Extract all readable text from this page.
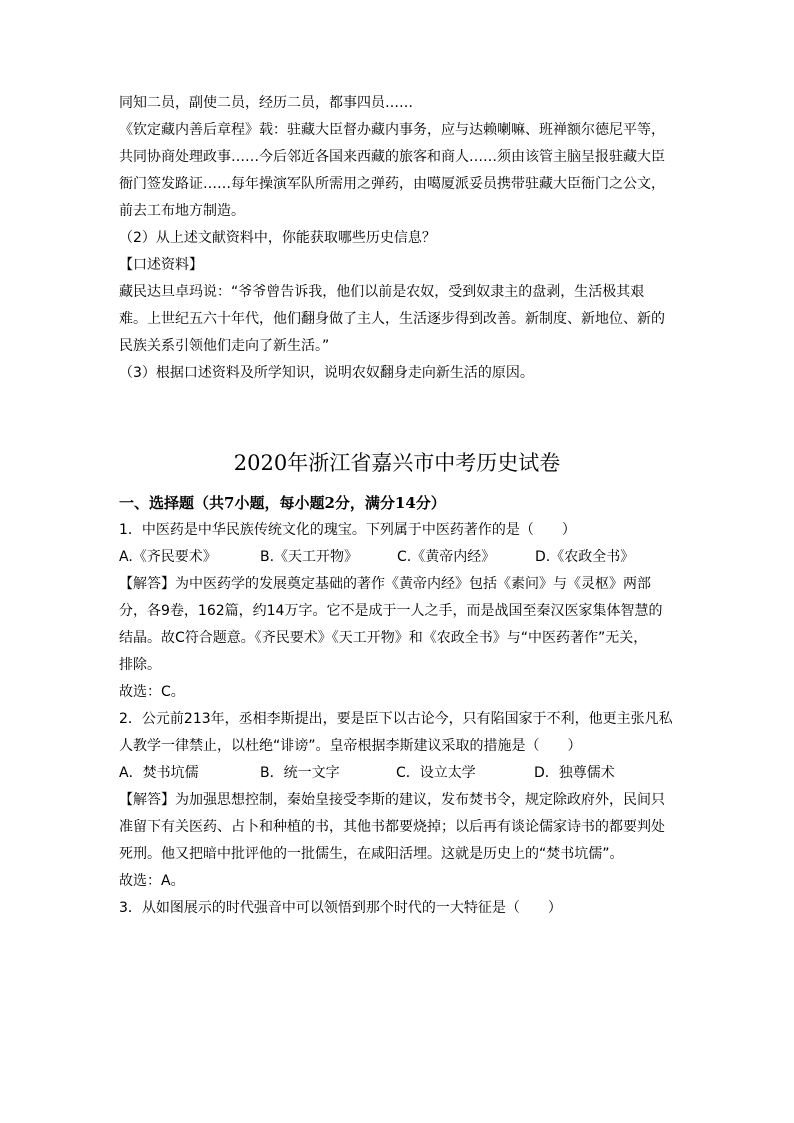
同知二员，副使二员，经历二员，都事四员……
《钦定藏内善后章程》载：驻藏大臣督办藏内事务，应与达赖喇嘛、班禅额尔德尼平等，
共同协商处理政事……今后邻近各国来西藏的旅客和商人……须由该管主脑呈报驻藏大臣
衙门签发路证……每年操演军队所需用之弹药，由噶厦派妥员携带驻藏大臣衙门之公文，
前去工布地方制造。
（2）从上述文献资料中，你能获取哪些历史信息？
【口述资料】
藏民达旦卓玛说：“爷爷曾告诉我，他们以前是农奴，受到奴隶主的盘剥，生活极其艰
难。上世纪五六十年代，他们翻身做了主人，生活逐步得到改善。新制度、新地位、新的
民族关系引领他们走向了新生活。”
（3）根据口述资料及所学知识，说明农奴翻身走向新生活的原因。
2020年浙江省嘉兴市中考历史试卷
一、选择题（共7小题，每小题2分，满分14分）
1．中医药是中华民族传统文化的瑰宝。下列属于中医药著作的是（　　）
A.《齐民要术》	B.《天工开物》	C.《黄帝内经》	D.《农政全书》
【解答】为中医药学的发展奠定基础的著作《黄帝内经》包括《素问》与《灵枢》两部
分，各9卷，162篇，约14万字。它不是成于一人之手，而是战国至秦汉医家集体智慧的
结晶。故C符合题意。《齐民要术》《天工开物》和《农政全书》与“中医药著作”无关，
排除。
故选：C。
2．公元前213年，丞相李斯提出，要是臣下以古论今，只有陷国家于不利，他更主张凡私
人教学一律禁止，以杜绝“诽谤”。皇帝根据李斯建议采取的措施是（　　）
A．焚书坑儒	B．统一文字	C．设立太学	D．独尊儒术
【解答】为加强思想控制，秦始皇接受李斯的建议，发布焚书令，规定除政府外，民间只
准留下有关医药、占卜和种植的书，其他书都要烧掉；以后再有谈论儒家诗书的都要判处
死刑。他又把暗中批评他的一批儒生，在咸阳活埋。这就是历史上的“焚书坑儒”。
故选：A。
3．从如图展示的时代强音中可以领悟到那个时代的一大特征是（　　）
